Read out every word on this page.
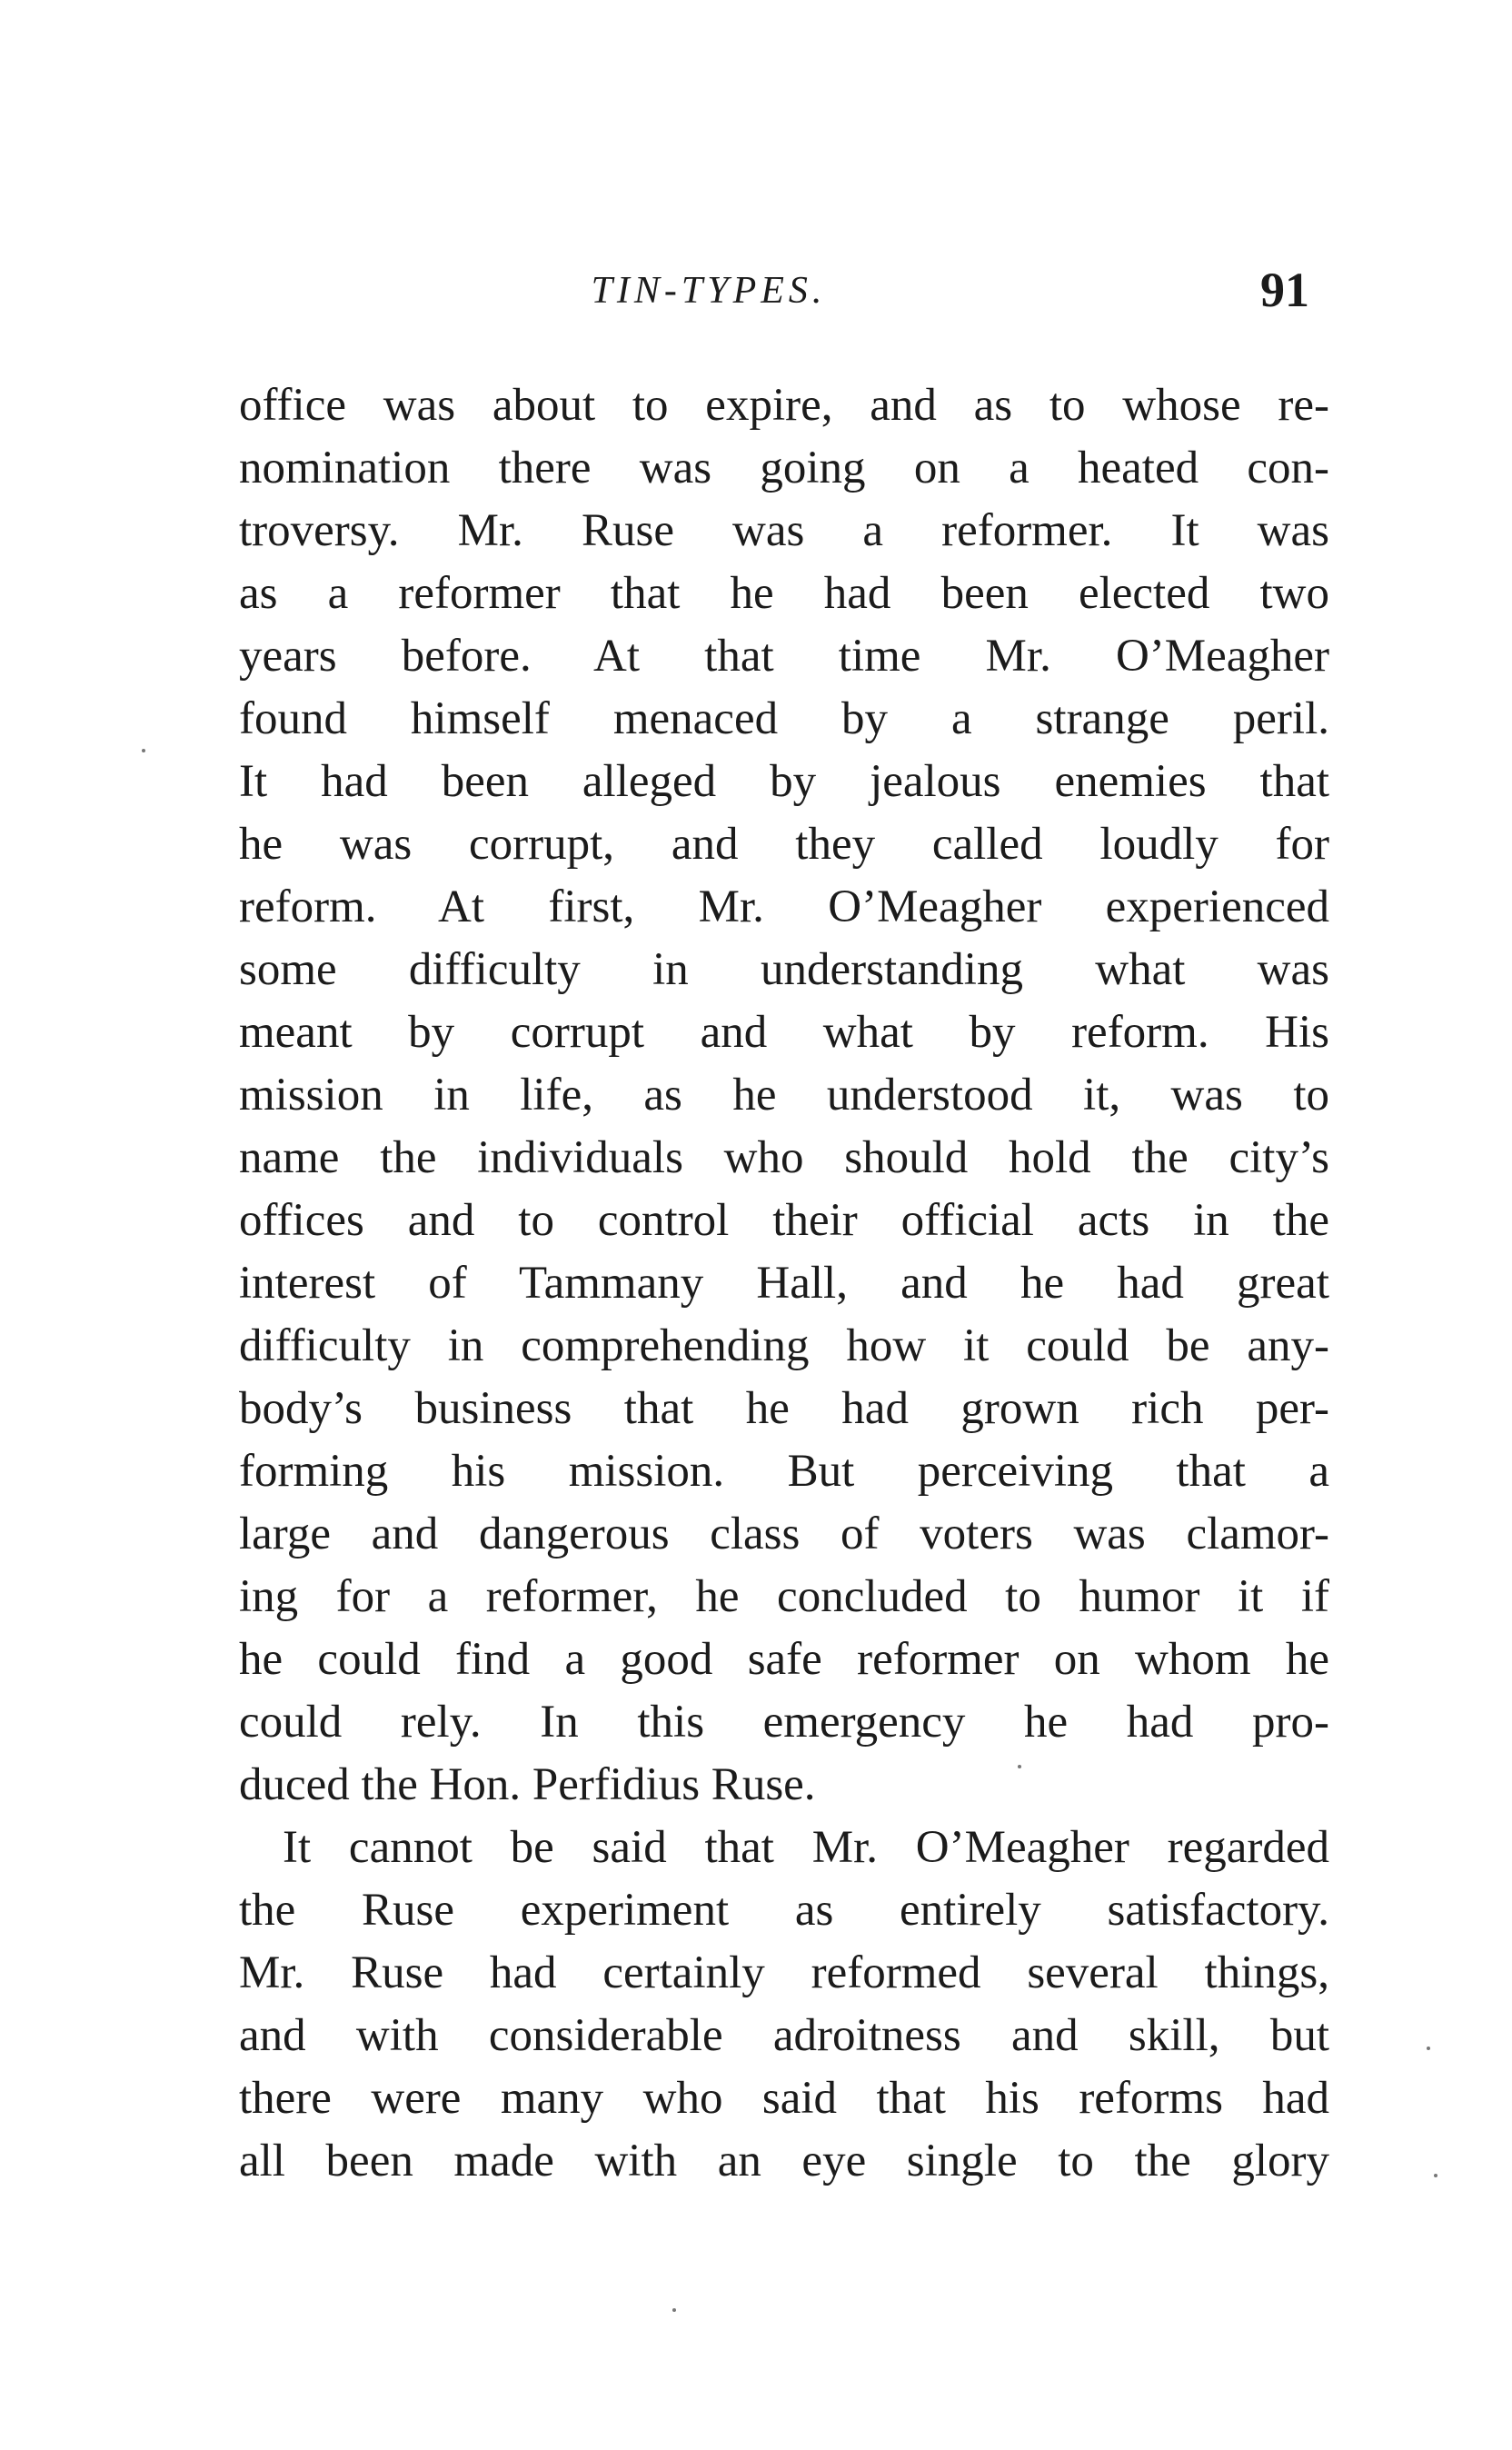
TIN-TYPES.	91
office was about to expire, and as to whose re-
nomination there was going on a heated con-
troversy. Mr. Ruse was a reformer. It was
as a reformer that he had been elected two
years before. At that time Mr. O’Meagher
found himself menaced by a strange peril.
It had been alleged by jealous enemies that
he was corrupt, and they called loudly for
reform. At first, Mr. O’Meagher experienced
some difficulty in understanding what was
meant by corrupt and what by reform. His
mission in life, as he understood it, was to
name the individuals who should hold the city’s
offices and to control their official acts in the
interest of Tammany Hall, and he had great
difficulty in comprehending how it could be any-
body’s business that he had grown rich per-
forming his mission. But perceiving that a
large and dangerous class of voters was clamor-
ing for a reformer, he concluded to humor it if
he could find a good safe reformer on whom he
could rely. In this emergency he had pro-
duced the Hon. Perfidius Ruse.
It cannot be said that Mr. O’Meagher regarded
the Ruse experiment as entirely satisfactory.
Mr. Ruse had certainly reformed several things,
and with considerable adroitness and skill, but
there were many who said that his reforms had
all been made with an eye single to the glory
